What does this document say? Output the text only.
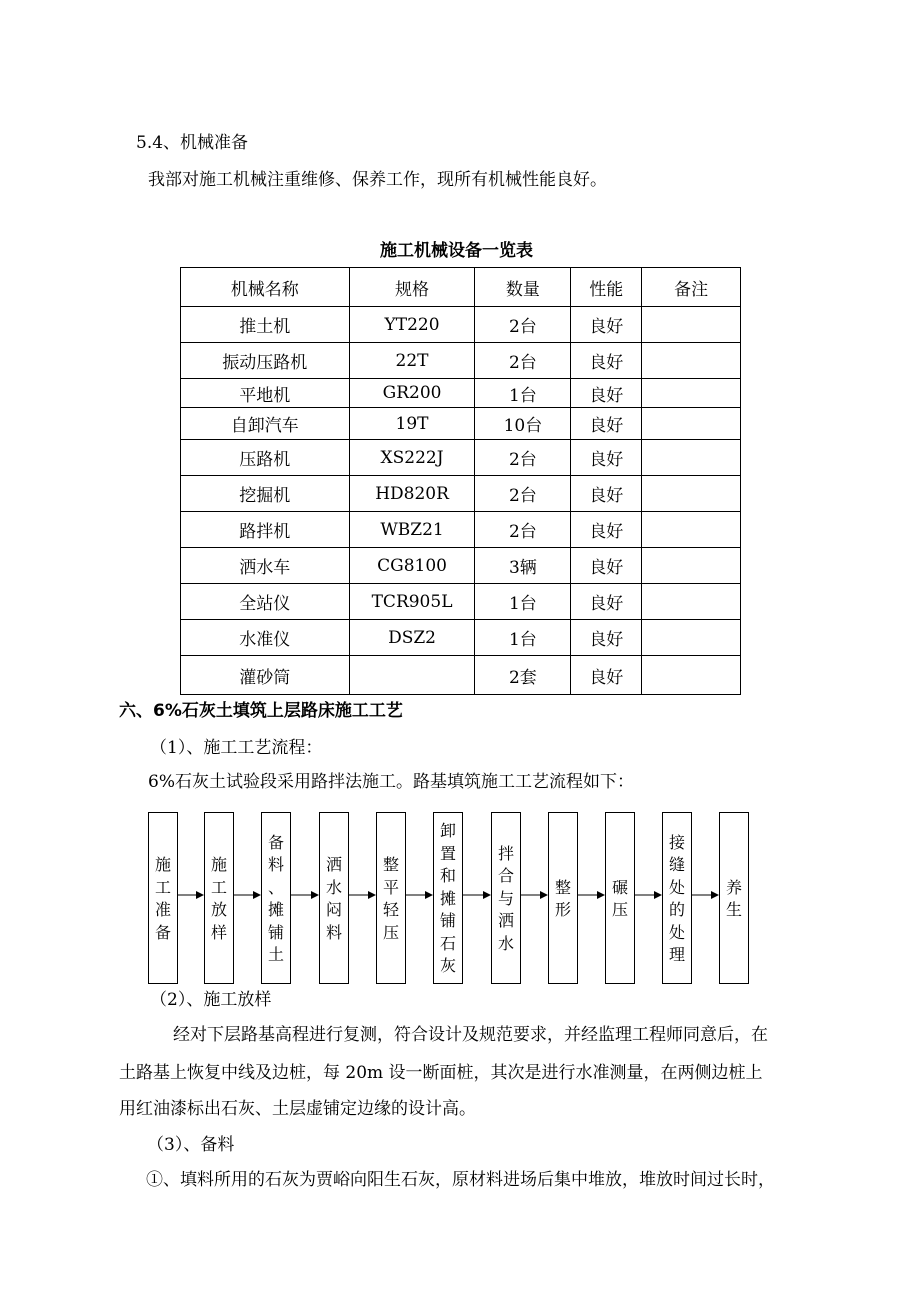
5.4、机械准备
我部对施工机械注重维修、保养工作，现所有机械性能良好。
施工机械设备一览表
机械名称	规格	数量	性能	备注
推土机	YT220	2台	良好	
振动压路机	22T	2台	良好	
平地机	GR200	1台	良好	
自卸汽车	19T	10台	良好	
压路机	XS222J	2台	良好	
挖掘机	HD820R	2台	良好	
路拌机	WBZ21	2台	良好	
洒水车	CG8100	3辆	良好	
全站仪	TCR905L	1台	良好	
水准仪	DSZ2	1台	良好	
灌砂筒		2套	良好	
六、6%石灰土填筑上层路床施工工艺
（1）、施工工艺流程：
6%石灰土试验段采用路拌法施工。路基填筑施工工艺流程如下：
施
工
准
备
施
工
放
样
备
料
、
摊
铺
土
洒
水
闷
料
整
平
轻
压
卸
置
和
摊
铺
石
灰
拌
合
与
洒
水
整
形
碾
压
接
缝
处
的
处
理
养
生
（2）、施工放样
经对下层路基高程进行复测，符合设计及规范要求，并经监理工程师同意后，在
土路基上恢复中线及边桩，每 20m 设一断面桩，其次是进行水准测量，在两侧边桩上
用红油漆标出石灰、土层虚铺定边缘的设计高。
（3）、备料
①、填料所用的石灰为贾峪向阳生石灰，原材料进场后集中堆放，堆放时间过长时，
